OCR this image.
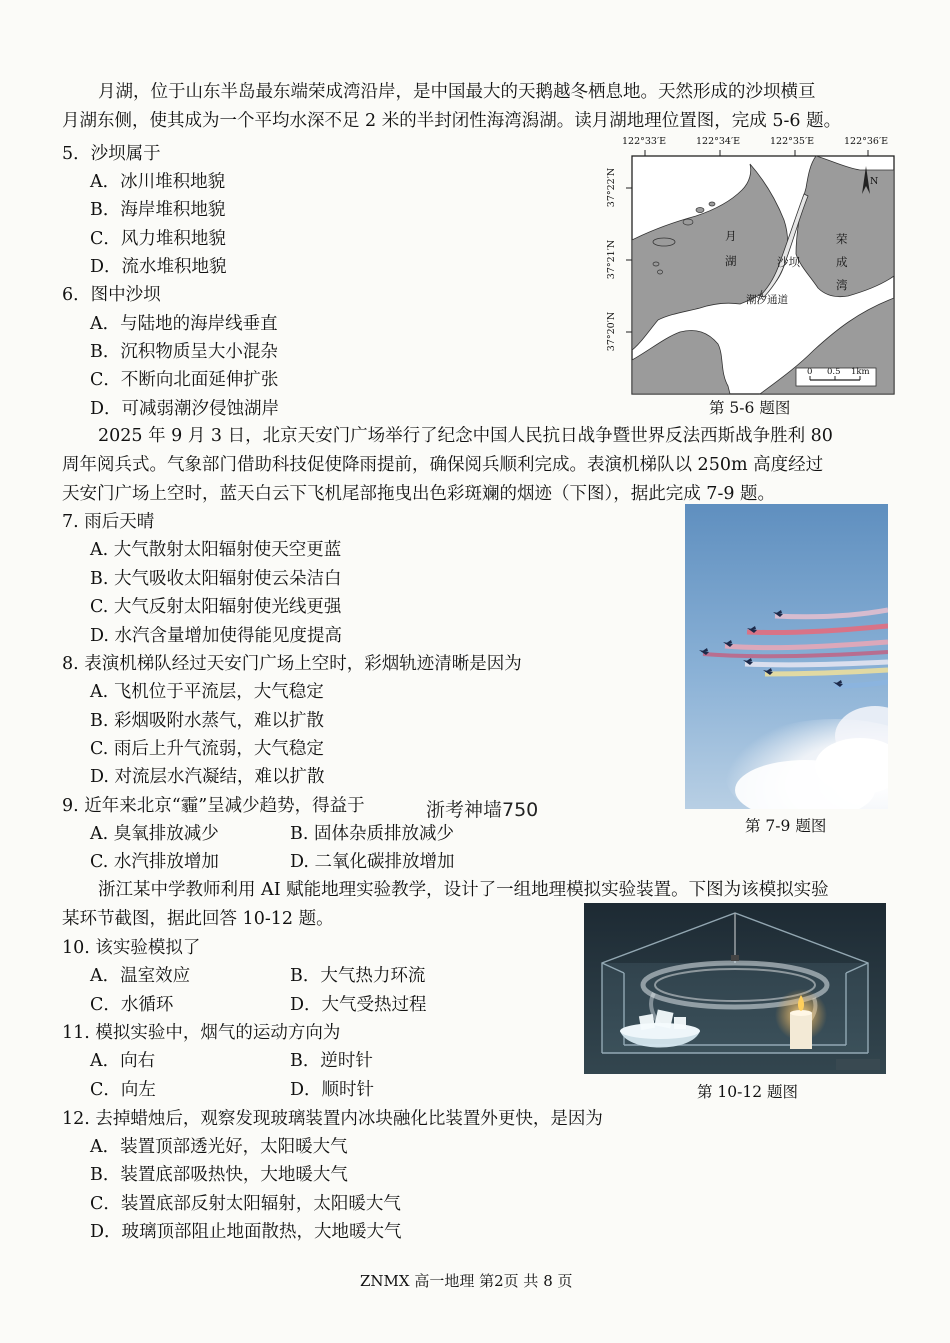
月湖，位于山东半岛最东端荣成湾沿岸，是中国最大的天鹅越冬栖息地。天然形成的沙坝横亘
月湖东侧，使其成为一个平均水深不足 2 米的半封闭性海湾潟湖。读月湖地理位置图，完成 5-6 题。
5．沙坝属于
A．冰川堆积地貌
B．海岸堆积地貌
C．风力堆积地貌
D．流水堆积地貌
6．图中沙坝
A．与陆地的海岸线垂直
B．沉积物质呈大小混杂
C．不断向北面延伸扩张
D．可减弱潮汐侵蚀湖岸
122°33′E	122°34′E	122°35′E	122°36′E
37°22′N
37°21′N
37°20′N
月
湖	沙坝
荣
成
湾
潮汐通道
N
0 0.5 1km
第 5-6 题图
2025 年 9 月 3 日，北京天安门广场举行了纪念中国人民抗日战争暨世界反法西斯战争胜利 80
周年阅兵式。气象部门借助科技促使降雨提前，确保阅兵顺利完成。表演机梯队以 250m 高度经过
天安门广场上空时，蓝天白云下飞机尾部拖曳出色彩斑斓的烟迹（下图），据此完成 7-9 题。
7. 雨后天晴
A. 大气散射太阳辐射使天空更蓝
B. 大气吸收太阳辐射使云朵洁白
C. 大气反射太阳辐射使光线更强
D. 水汽含量增加使得能见度提高
8. 表演机梯队经过天安门广场上空时，彩烟轨迹清晰是因为
A. 飞机位于平流层，大气稳定
B. 彩烟吸附水蒸气，难以扩散
C. 雨后上升气流弱，大气稳定
D. 对流层水汽凝结，难以扩散
9. 近年来北京“霾”呈减少趋势，得益于	浙考神墙750
A. 臭氧排放减少	B. 固体杂质排放减少
C. 水汽排放增加	D. 二氧化碳排放增加
第 7-9 题图
浙江某中学教师利用 AI 赋能地理实验教学，设计了一组地理模拟实验装置。下图为该模拟实验
某环节截图，据此回答 10-12 题。
10. 该实验模拟了
A．温室效应	B．大气热力环流
C．水循环	D．大气受热过程
11. 模拟实验中，烟气的运动方向为
A．向右	B．逆时针
C．向左	D．顺时针	第 10-12 题图
12. 去掉蜡烛后，观察发现玻璃装置内冰块融化比装置外更快，是因为
A．装置顶部透光好，太阳暖大气
B．装置底部吸热快，大地暖大气
C．装置底部反射太阳辐射，太阳暖大气
D．玻璃顶部阻止地面散热，大地暖大气
ZNMX 高一地理 第2页 共 8 页
